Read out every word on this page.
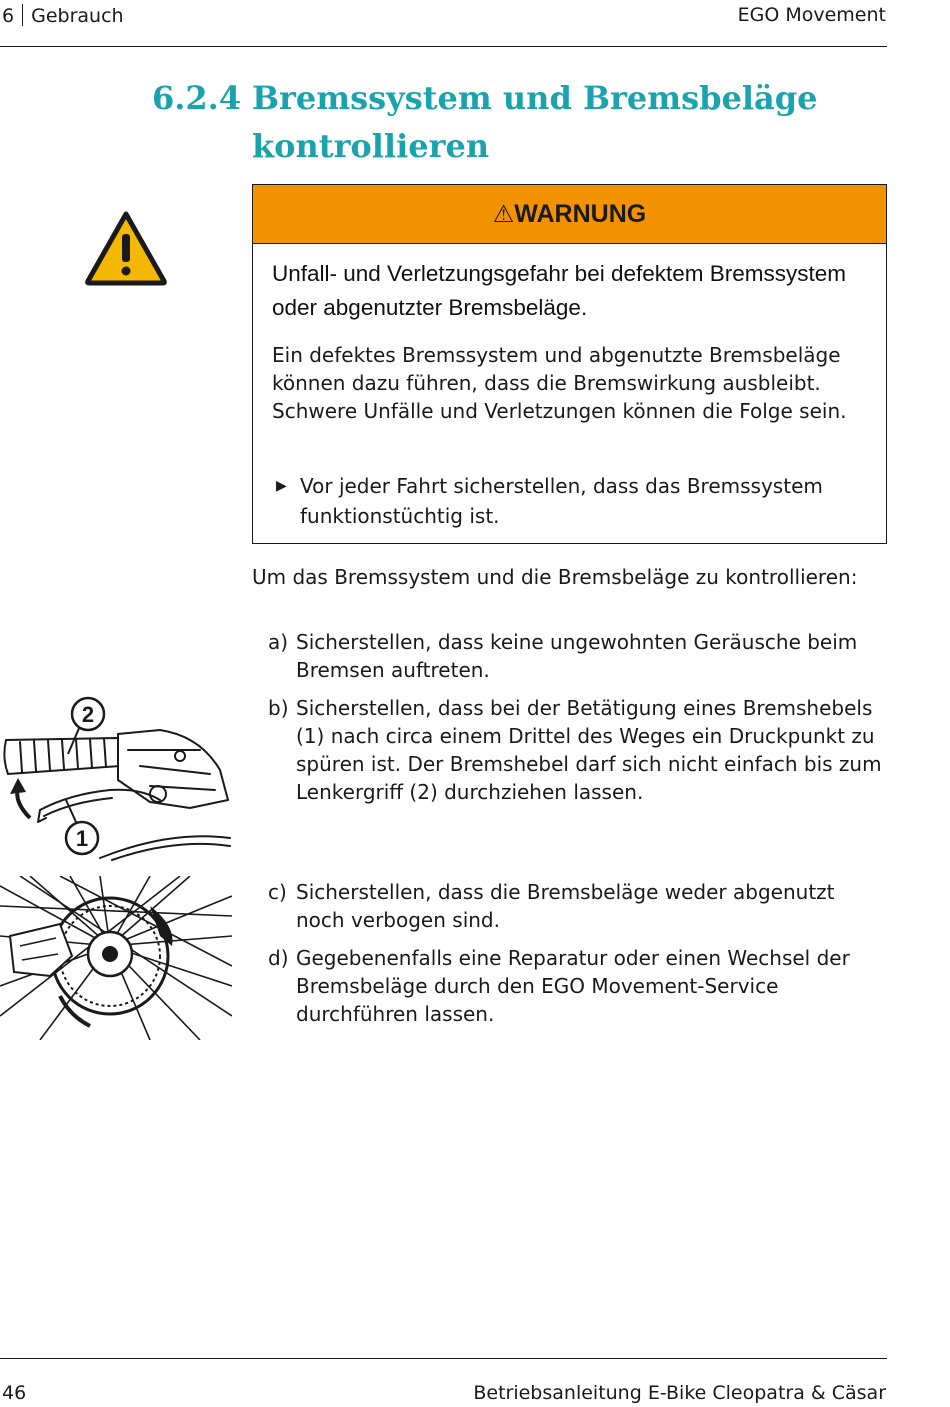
6 Gebrauch	EGO Movement
6.2.4 Bremssystem und Bremsbeläge kontrollieren
⚠WARNUNG
Unfall- und Verletzungsgefahr bei defektem Bremssystem oder abgenutzter Bremsbeläge.
Ein defektes Bremssystem und abgenutzte Bremsbeläge können dazu führen, dass die Bremswirkung ausbleibt. Schwere Unfälle und Verletzungen können die Folge sein.
▶ Vor jeder Fahrt sicherstellen, dass das Bremssystem funktionstüchtig ist.
Um das Bremssystem und die Bremsbeläge zu kontrollieren:
a) Sicherstellen, dass keine ungewohnten Geräusche beim Bremsen auftreten.
b) Sicherstellen, dass bei der Betätigung eines Bremshebels (1) nach circa einem Drittel des Weges ein Druckpunkt zu spüren ist. Der Bremshebel darf sich nicht einfach bis zum Lenkergriff (2) durchziehen lassen.
c) Sicherstellen, dass die Bremsbeläge weder abgenutzt noch verbogen sind.
d) Gegebenenfalls eine Reparatur oder einen Wechsel der Bremsbeläge durch den EGO Movement-Service durchführen lassen.
2
1
46	Betriebsanleitung E-Bike Cleopatra & Cäsar
